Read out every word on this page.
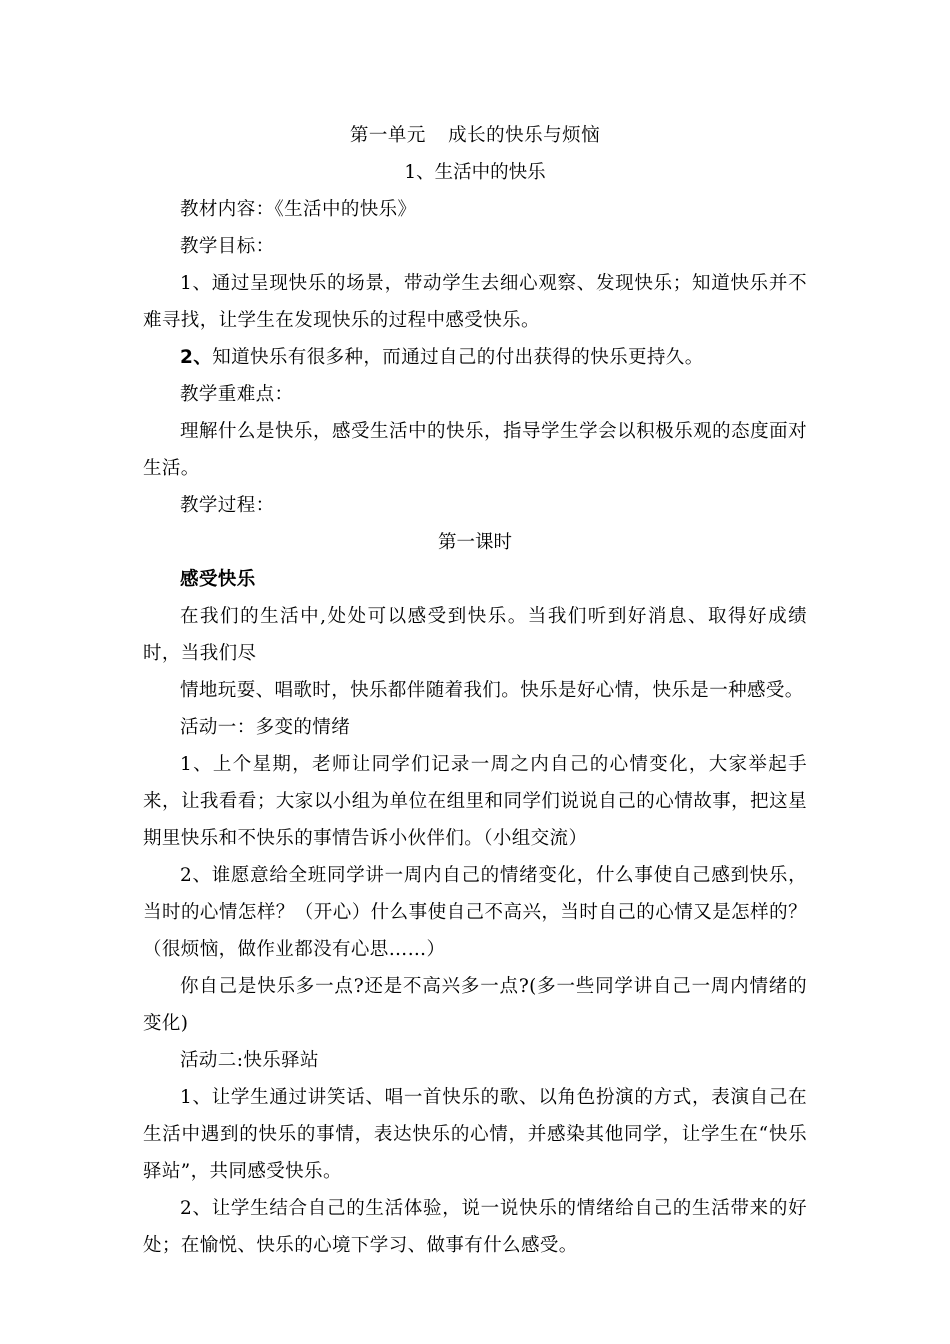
第一单元 成长的快乐与烦恼

1、生活中的快乐

教材内容：《生活中的快乐》

教学目标：

1、通过呈现快乐的场景，带动学生去细心观察、发现快乐；知道快乐并不难寻找，让学生在发现快乐的过程中感受快乐。

2、知道快乐有很多种，而通过自己的付出获得的快乐更持久。

教学重难点：

理解什么是快乐，感受生活中的快乐，指导学生学会以积极乐观的态度面对生活。

教学过程：

第一课时

感受快乐

在我们的生活中,处处可以感受到快乐。当我们听到好消息、取得好成绩时，当我们尽

情地玩耍、唱歌时，快乐都伴随着我们。快乐是好心情，快乐是一种感受。

活动一：多变的情绪

1、上个星期，老师让同学们记录一周之内自己的心情变化，大家举起手来，让我看看；大家以小组为单位在组里和同学们说说自己的心情故事，把这星期里快乐和不快乐的事情告诉小伙伴们。（小组交流）

2、谁愿意给全班同学讲一周内自己的情绪变化，什么事使自己感到快乐，当时的心情怎样？（开心）什么事使自己不高兴，当时自己的心情又是怎样的？（很烦恼，做作业都没有心思……）

你自己是快乐多一点?还是不高兴多一点?(多一些同学讲自己一周内情绪的变化)

活动二:快乐驿站

1、让学生通过讲笑话、唱一首快乐的歌、以角色扮演的方式，表演自己在生活中遇到的快乐的事情，表达快乐的心情，并感染其他同学，让学生在“快乐驿站”，共同感受快乐。

2、让学生结合自己的生活体验，说一说快乐的情绪给自己的生活带来的好处；在愉悦、快乐的心境下学习、做事有什么感受。
